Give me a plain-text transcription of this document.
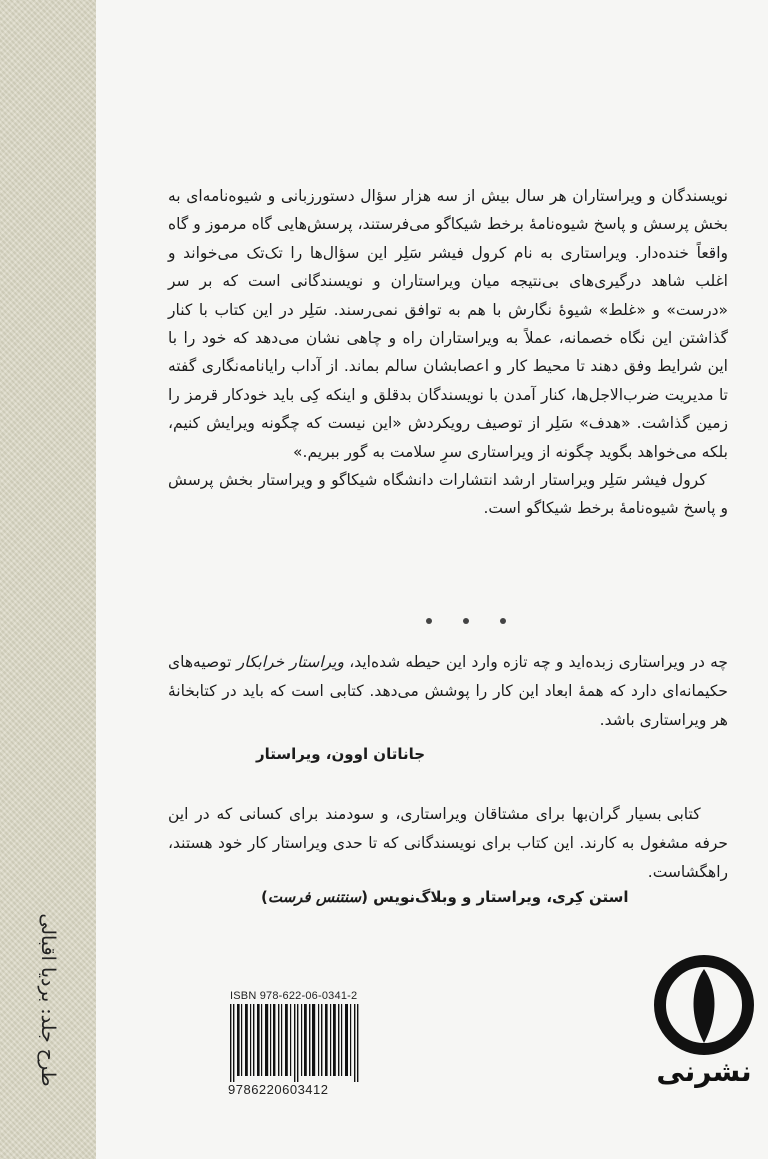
طرح جلد: بردیا اقبالی
نویسندگان و ویراستاران هر سال بیش از سه هزار سؤال دستورزبانی و شیوه‌نامه‌ای به بخش پرسش و پاسخ شیوه‌نامهٔ برخط شیکاگو می‌فرستند، پرسش‌هایی گاه مرموز و گاه واقعاً خنده‌دار. ویراستاری به نام کرول فیشر سَلِر این سؤال‌ها را تک‌تک می‌خواند و اغلب شاهد درگیری‌های بی‌نتیجه میان ویراستاران و نویسندگانی است که بر سر «درست» و «غلط» شیوهٔ نگارش با هم به توافق نمی‌رسند. سَلِر در این کتاب با کنار گذاشتن این نگاه خصمانه، عملاً به ویراستاران راه و چاهی نشان می‌دهد که خود را با این شرایط وفق دهند تا محیط کار و اعصابشان سالم بماند. از آداب رایانامه‌نگاری گفته تا مدیریت ضرب‌الاجل‌ها، کنار آمدن با نویسندگان بدقلق و اینکه کِی باید خودکار قرمز را زمین گذاشت. «هدف» سَلِر از توصیف رویکردش «این نیست که چگونه ویرایش کنیم، بلکه می‌خواهد بگوید چگونه از ویراستاری سرِ سلامت به گور ببریم.»
کرول فیشر سَلِر ویراستار ارشد انتشارات دانشگاه شیکاگو و ویراستار بخش پرسش و پاسخ شیوه‌نامهٔ برخط شیکاگو است.
چه در ویراستاری زبده‌اید و چه تازه وارد این حیطه شده‌اید، ویراستار خرابکار توصیه‌های حکیمانه‌ای دارد که همهٔ ابعاد این کار را پوشش می‌دهد. کتابی است که باید در کتابخانهٔ هر ویراستاری باشد.
جاناتان اوون، ویراستار
کتابی بسیار گران‌بها برای مشتاقان ویراستاری، و سودمند برای کسانی که در این حرفه مشغول به کارند. این کتاب برای نویسندگانی که تا حدی ویراستار کار خود هستند، راهگشاست.
استن کِری، ویراستار و وبلاگ‌نویس (سنتنس فرست)
ISBN 978-622-06-0341-2
9786220603412
نشرنی
